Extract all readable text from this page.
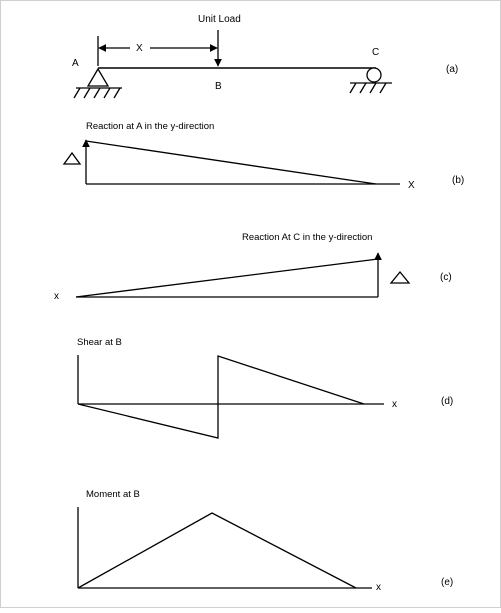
Unit Load
X
A
B
C
(a)
Reaction at A in the y-direction
X	(b)
Reaction At C in the y-direction
x
(c)
Shear at B
x	(d)
Moment at B
x	(e)
